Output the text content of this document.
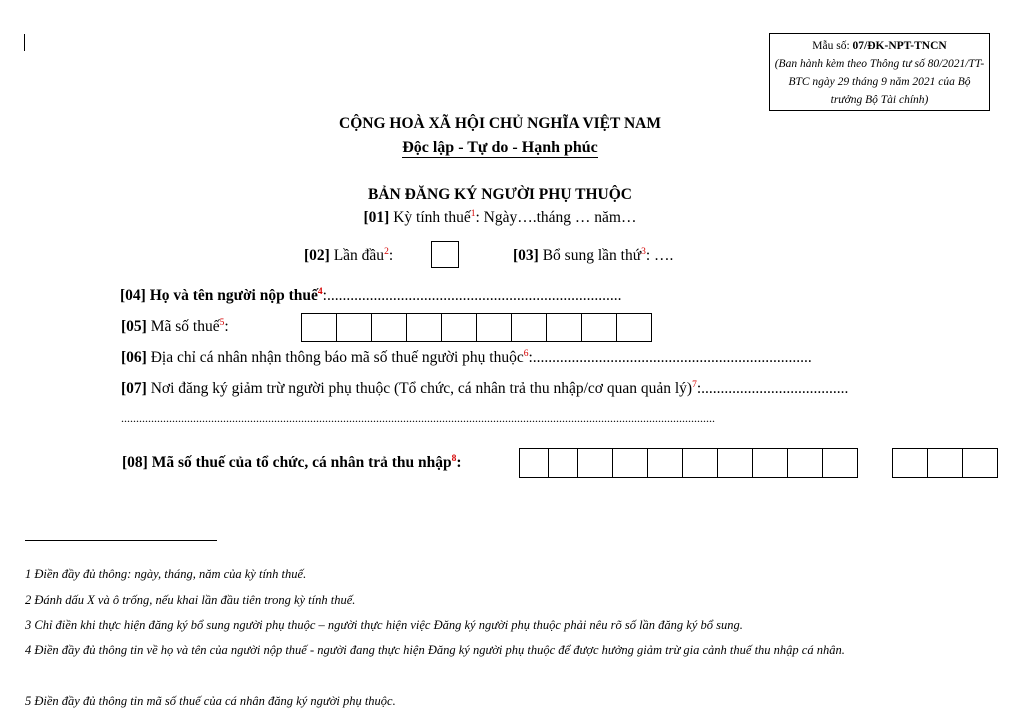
Mẫu số: 07/ĐK-NPT-TNCN
(Ban hành kèm theo Thông tư số 80/2021/TT-BTC ngày 29 tháng 9 năm 2021 của Bộ trưởng Bộ Tài chính)
CỘNG HOÀ XÃ HỘI CHỦ NGHĨA VIỆT NAM
Độc lập - Tự do - Hạnh phúc
BẢN ĐĂNG KÝ NGƯỜI PHỤ THUỘC
[01] Kỳ tính thuế$^1$: Ngày….tháng … năm…
[02] Lần đầu$^2$:	[03] Bổ sung lần thứ$^3$: ….
[04] Họ và tên người nộp thuế$^4$:............................................................................
[05] Mã số thuế$^5$:
[06] Địa chỉ cá nhân nhận thông báo mã số thuế người phụ thuộc$^6$:........................................................................
[07] Nơi đăng ký giảm trừ người phụ thuộc (Tổ chức, cá nhân trả thu nhập/cơ quan quản lý)$^7$:......................................
......................................................................................................................................................................................................
[08] Mã số thuế của tổ chức, cá nhân trả thu nhập$^8$:
1 Điền đầy đủ thông: ngày, tháng, năm của kỳ tính thuế.
2 Đánh dấu X và ô trống, nếu khai lần đầu tiên trong kỳ tính thuế.
3 Chỉ điền khi thực hiện đăng ký bổ sung người phụ thuộc – người thực hiện việc Đăng ký người phụ thuộc phải nêu rõ số lần đăng ký bổ sung.
4 Điền đầy đủ thông tin về họ và tên của người nộp thuế - người đang thực hiện Đăng ký người phụ thuộc để được hưởng giảm trừ gia cảnh thuế thu nhập cá nhân.
5 Điền đầy đủ thông tin mã số thuế của cá nhân đăng ký người phụ thuộc.
